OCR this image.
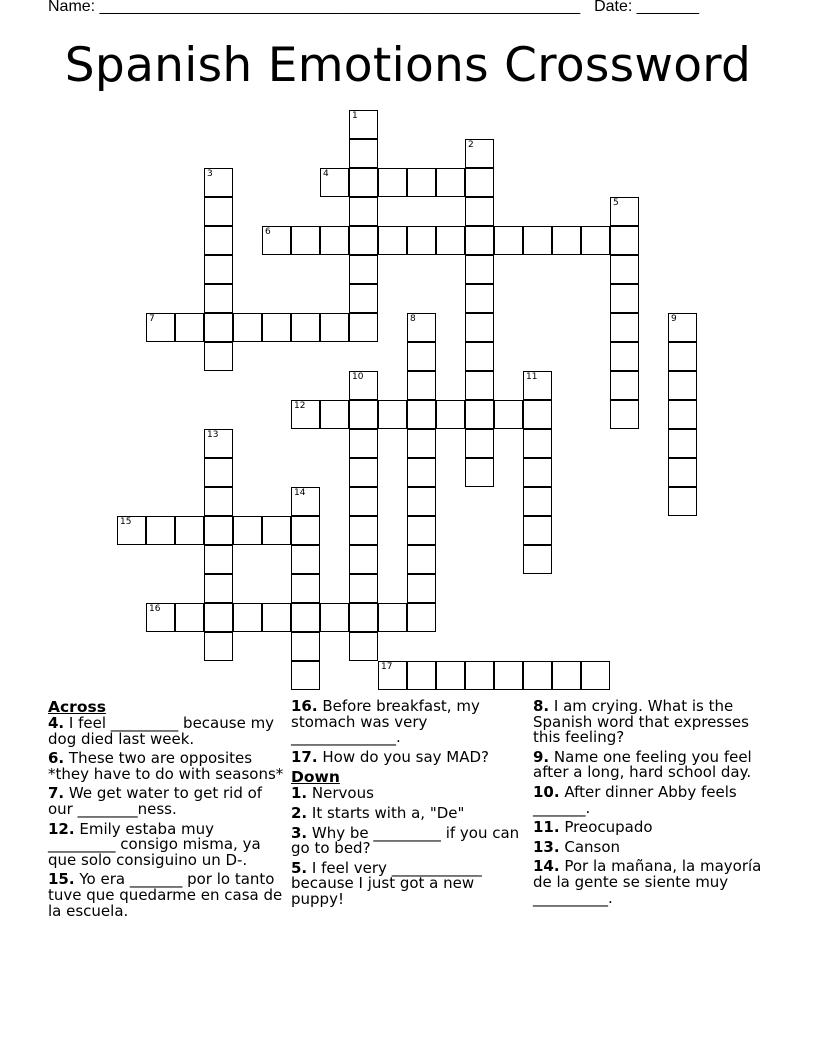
Name: ______________________________________________________ Date: _______
Spanish Emotions Crossword
1
2
3	4
5
6
7	8	9
10	11
12
13
14
15
16
17
Across
4. I feel _________ because my dog died last week.
6. These two are opposites *they have to do with seasons*
7. We get water to get rid of our ________ness.
12. Emily estaba muy _________ consigo misma, ya que solo consiguino un D-.
15. Yo era _______ por lo tanto tuve que quedarme en casa de la escuela.
16. Before breakfast, my stomach was very ______________.
17. How do you say MAD?
Down
1. Nervous
2. It starts with a, "De"
3. Why be _________ if you can go to bed?
5. I feel very ____________ because I just got a new puppy!
8. I am crying. What is the Spanish word that expresses this feeling?
9. Name one feeling you feel after a long, hard school day.
10. After dinner Abby feels _______.
11. Preocupado
13. Canson
14. Por la mañana, la mayoría de la gente se siente muy __________.
